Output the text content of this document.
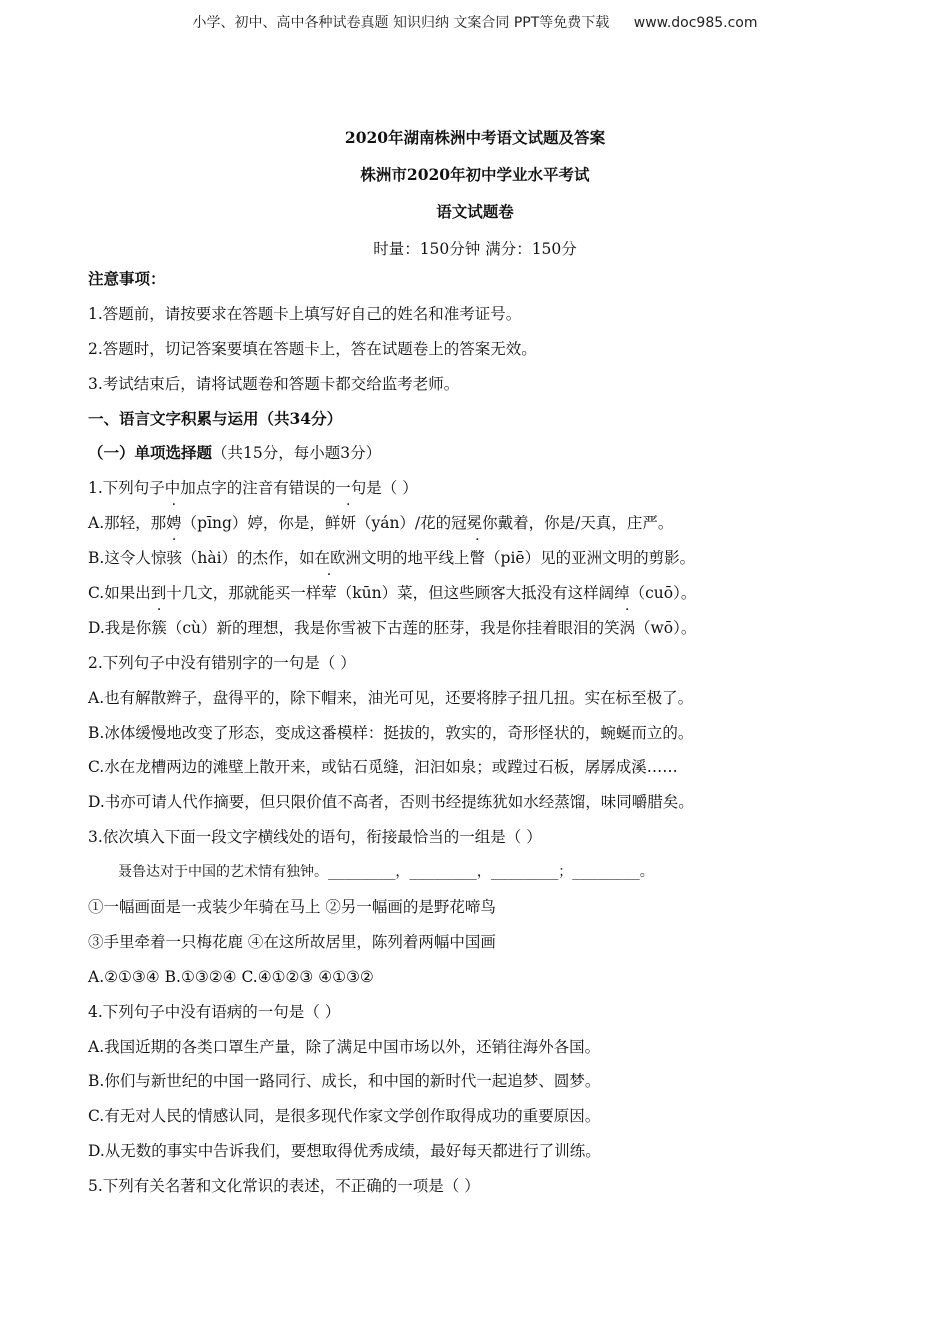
小学、初中、高中各种试卷真题 知识归纳 文案合同 PPT等免费下载 www.doc985.com
2020年湖南株洲中考语文试题及答案
株洲市2020年初中学业水平考试
语文试题卷
时量：150分钟 满分：150分
注意事项：
1.答题前，请按要求在答题卡上填写好自己的姓名和准考证号。
2.答题时，切记答案要填在答题卡上，答在试题卷上的答案无效。
3.考试结束后，请将试题卷和答题卡都交给监考老师。
一、语言文字积累与运用（共34分）
（一）单项选择题（共15分，每小题3分）
1.下列句子中加点字的注音有错误的一句是（ ）
A.那轻，那娉（pīng）婷，你是，鲜妍（yán）/花的冠冕你戴着，你是/天真，庄严。
B.这令人惊骇（hài）的杰作，如在欧洲文明的地平线上瞥（piē）见的亚洲文明的剪影。
C.如果出到十几文，那就能买一样荤（kūn）菜，但这些顾客大抵没有这样阔绰（cuō）。
D.我是你簇（cù）新的理想，我是你雪被下古莲的胚芽，我是你挂着眼泪的笑涡（wō）。
2.下列句子中没有错别字的一句是（ ）
A.也有解散辫子，盘得平的，除下帽来，油光可见，还要将脖子扭几扭。实在标至极了。
B.冰体缓慢地改变了形态，变成这番模样：挺拔的，敦实的，奇形怪状的，蜿蜒而立的。
C.水在龙槽两边的滩壁上散开来，或钻石觅缝，汩汩如泉；或蹚过石板，孱孱成溪……
D.书亦可请人代作摘要，但只限价值不高者，否则书经提练犹如水经蒸馏，味同嚼腊矣。
3.依次填入下面一段文字横线处的语句，衔接最恰当的一组是（ ）
聂鲁达对于中国的艺术情有独钟。________，________，________；________。
①一幅画面是一戎装少年骑在马上 ②另一幅画的是野花啼鸟
③手里牵着一只梅花鹿 ④在这所故居里，陈列着两幅中国画
A.②①③④ B.①③②④ C.④①②③ ④①③②
4.下列句子中没有语病的一句是（ ）
A.我国近期的各类口罩生产量，除了满足中国市场以外，还销往海外各国。
B.你们与新世纪的中国一路同行、成长，和中国的新时代一起追梦、圆梦。
C.有无对人民的情感认同，是很多现代作家文学创作取得成功的重要原因。
D.从无数的事实中告诉我们，要想取得优秀成绩，最好每天都进行了训练。
5.下列有关名著和文化常识的表述，不正确的一项是（ ）
